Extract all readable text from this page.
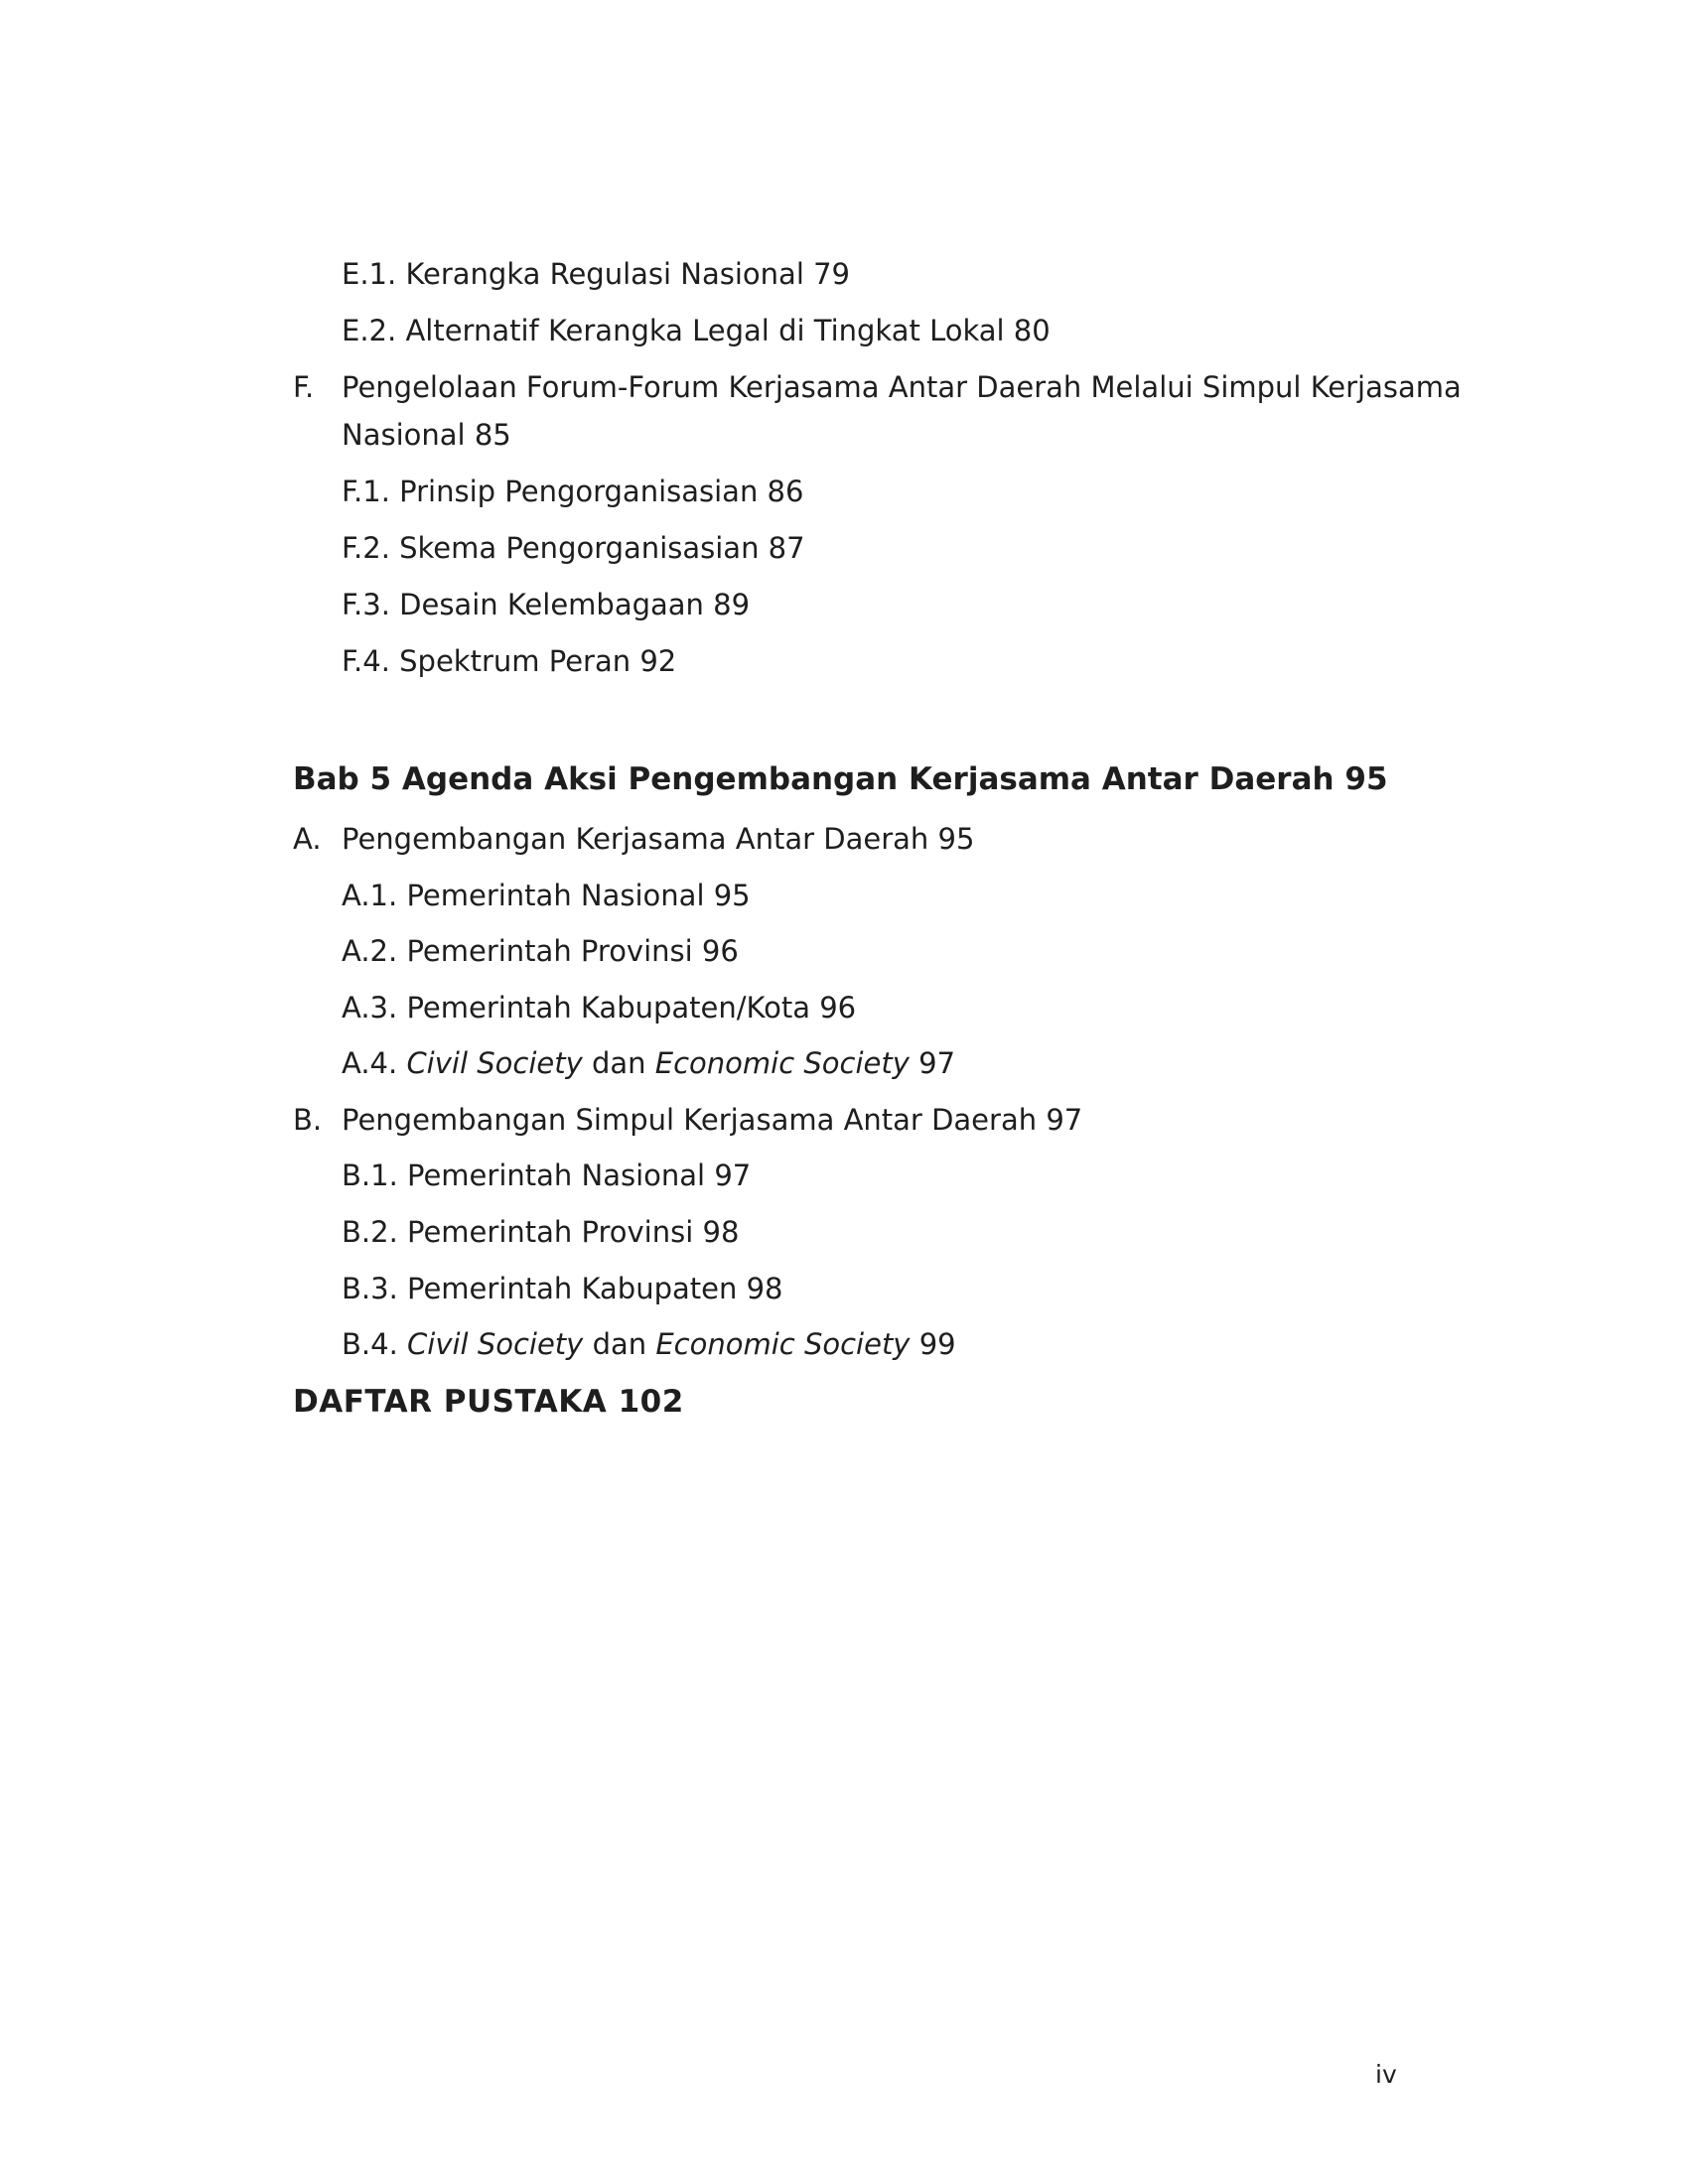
E.1. Kerangka Regulasi Nasional 79
E.2. Alternatif Kerangka Legal di Tingkat Lokal 80
F. Pengelolaan Forum-Forum Kerjasama Antar Daerah Melalui Simpul Kerjasama
Nasional 85
F.1. Prinsip Pengorganisasian 86
F.2. Skema Pengorganisasian 87
F.3. Desain Kelembagaan 89
F.4. Spektrum Peran 92
Bab 5 Agenda Aksi Pengembangan Kerjasama Antar Daerah 95
A. Pengembangan Kerjasama Antar Daerah 95
A.1. Pemerintah Nasional 95
A.2. Pemerintah Provinsi 96
A.3. Pemerintah Kabupaten/Kota 96
A.4. Civil Society dan Economic Society 97
B. Pengembangan Simpul Kerjasama Antar Daerah 97
B.1. Pemerintah Nasional 97
B.2. Pemerintah Provinsi 98
B.3. Pemerintah Kabupaten 98
B.4. Civil Society dan Economic Society 99
DAFTAR PUSTAKA 102
iv
